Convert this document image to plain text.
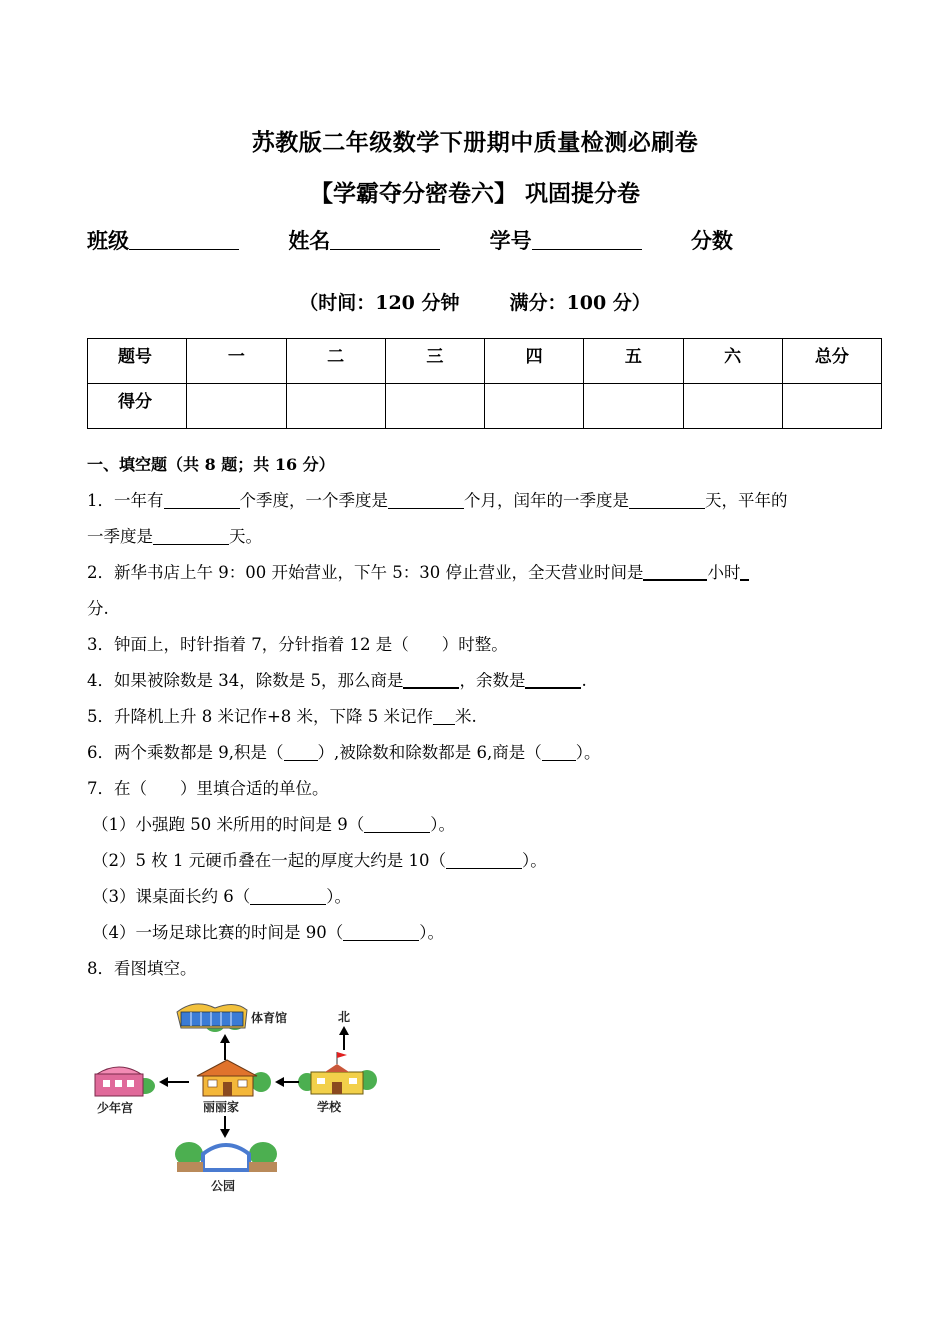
苏教版二年级数学下册期中质量检测必刷卷
【学霸夺分密卷六】 巩固提分卷
班级	姓名	学号	分数
（时间：120 分钟	满分：100 分）
题号	一	二	三	四	五	六	总分
得分							
一、填空题（共 8 题；共 16 分）
1．一年有	个季度，一个季度是	个月，闰年的一季度是	天，平年的
一季度是	天。
2．新华书店上午 9：00 开始营业，下午 5：30 停止营业，全天营业时间是	小时
分.
3．钟面上，时针指着 7，分针指着 12 是（　　）时整。
4．如果被除数是 34，除数是 5，那么商是	，余数是	.
5．升降机上升 8 米记作+8 米，下降 5 米记作 米.
6．两个乘数都是 9,积是（ ）,被除数和除数都是 6,商是（ ）。
7．在（　　）里填合适的单位。
（1）小强跑 50 米所用的时间是 9（	）。
（2）5 枚 1 元硬币叠在一起的厚度大约是 10（	）。
（3）课桌面长约 6（	）。
（4）一场足球比赛的时间是 90（	）。
8．看图填空。
体育馆	北
丽丽家
少年宫	学校
公园
